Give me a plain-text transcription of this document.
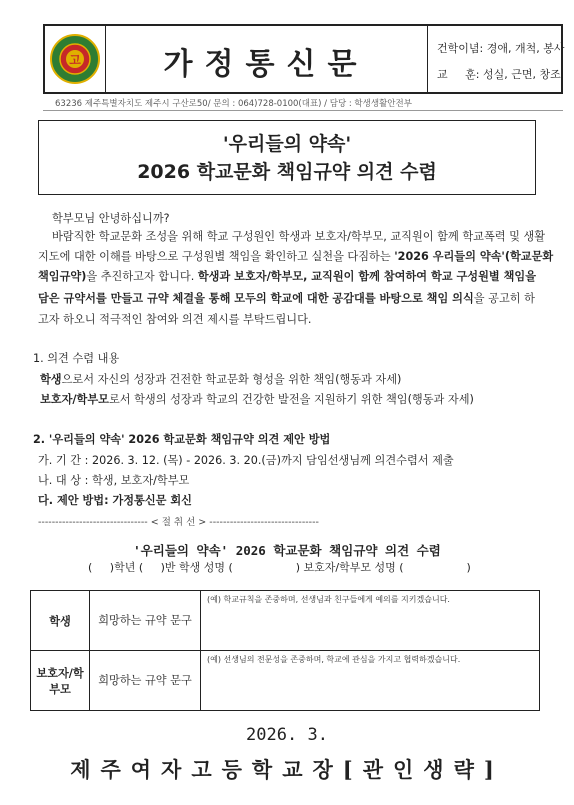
고	가정통신문	건학이념: 경애, 개척, 봉사
교     훈: 성실, 근면, 창조
63236 제주특별자치도 제주시 구산로50/ 문의 : 064)728-0100(대표) / 담당 : 학생생활안전부
'우리들의 약속'
2026 학교문화 책임규약 의견 수렴
학부모님 안녕하십니까?
바람직한 학교문화 조성을 위해 학교 구성원인 학생과 보호자/학부모, 교직원이 함께 학교폭력 및 생활
지도에 대한 이해를 바탕으로 구성원별 책임을 확인하고 실천을 다짐하는 '2026 우리들의 약속'(학교문화
책임규약)을 추진하고자 합니다. 학생과 보호자/학부모, 교직원이 함께 참여하여 학교 구성원별 책임을
담은 규약서를 만들고 규약 체결을 통해 모두의 학교에 대한 공감대를 바탕으로 책임 의식을 공고히 하
고자 하오니 적극적인 참여와 의견 제시를 부탁드립니다.
1. 의견 수렴 내용
학생으로서 자신의 성장과 건전한 학교문화 형성을 위한 책임(행동과 자세)
보호자/학부모로서 학생의 성장과 학교의 건강한 발전을 지원하기 위한 책임(행동과 자세)
2. '우리들의 약속' 2026 학교문화 책임규약 의견 제안 방법
가. 기 간 : 2026. 3. 12. (목) - 2026. 3. 20.(금)까지 담임선생님께 의견수렴서 제출
나. 대 상 : 학생, 보호자/학부모
다. 제안 방법: 가정통신문 회신
-------------------------------- < 절 취 선 > --------------------------------
'우리들의 약속' 2026 학교문화 책임규약 의견 수렴
(     )학년 (     )반 학생 성명 (                  ) 보호자/학부모 성명 (                  )
학생	희망하는 규약 문구	(예) 학교규칙을 존중하며, 선생님과 친구들에게 예의를 지키겠습니다.
보호자/학부모	희망하는 규약 문구	(예) 선생님의 전문성을 존중하며, 학교에 관심을 가지고 협력하겠습니다.
2026. 3.
제주여자고등학교장[관인생략]
